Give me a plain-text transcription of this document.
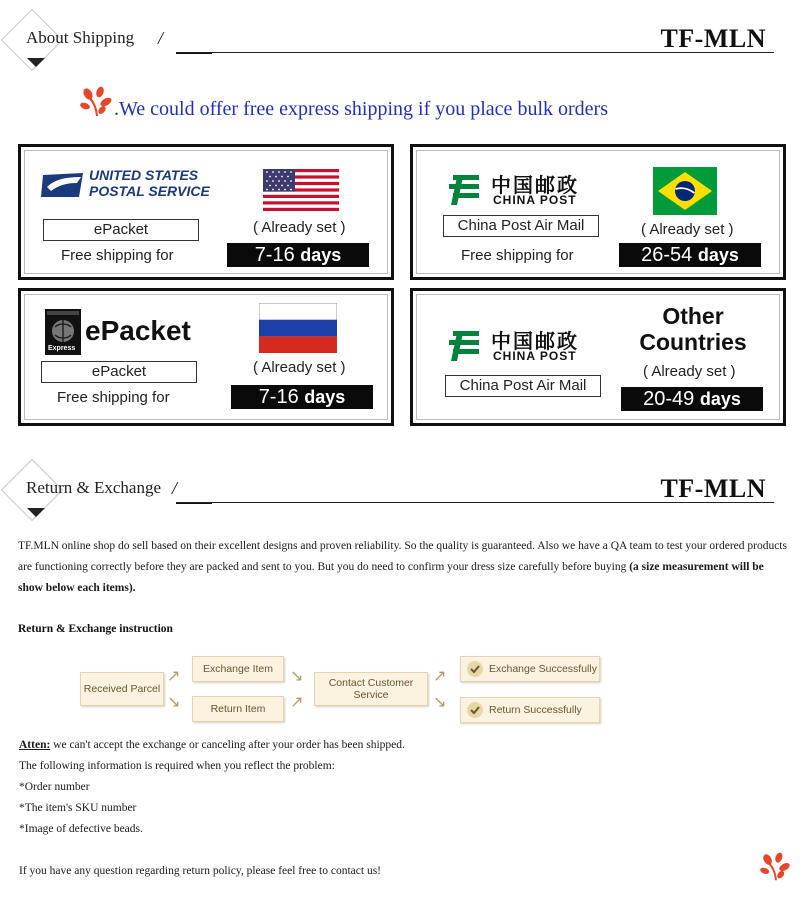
About Shipping /	TF-MLN
.We could offer free express shipping if you place bulk orders
UNITED STATES
POSTAL SERVICE
ePacket
Free shipping for
( Already set )
7-16 days
中国邮政
CHINA POST
China Post Air Mail
Free shipping for
( Already set )
26-54 days
Express
ePacket
ePacket
Free shipping for
( Already set )
7-16 days
中国邮政
CHINA POST
China Post Air Mail
Other
Countries
( Already set )
20-49 days
Return & Exchange /	TF-MLN
TF.MLN online shop do sell based on their excellent designs and proven reliability. So the quality is guaranteed. Also we have a QA team to test your ordered products are functioning correctly before they are packed and sent to you. But you do need to confirm your dress size carefully before buying (a size measurement will be show below each items).
Return & Exchange instruction
Received Parcel
↗
↘
Exchange Item
Return Item
↘
↗
Contact Customer
Service
↗
↘
Exchange Successfully
Return Successfully
Atten: we can't accept the exchange or canceling after your order has been shipped.
The following information is required when you reflect the problem:
*Order number
*The item's SKU number
*Image of defective beads.
If you have any question regarding return policy, please feel free to contact us!
